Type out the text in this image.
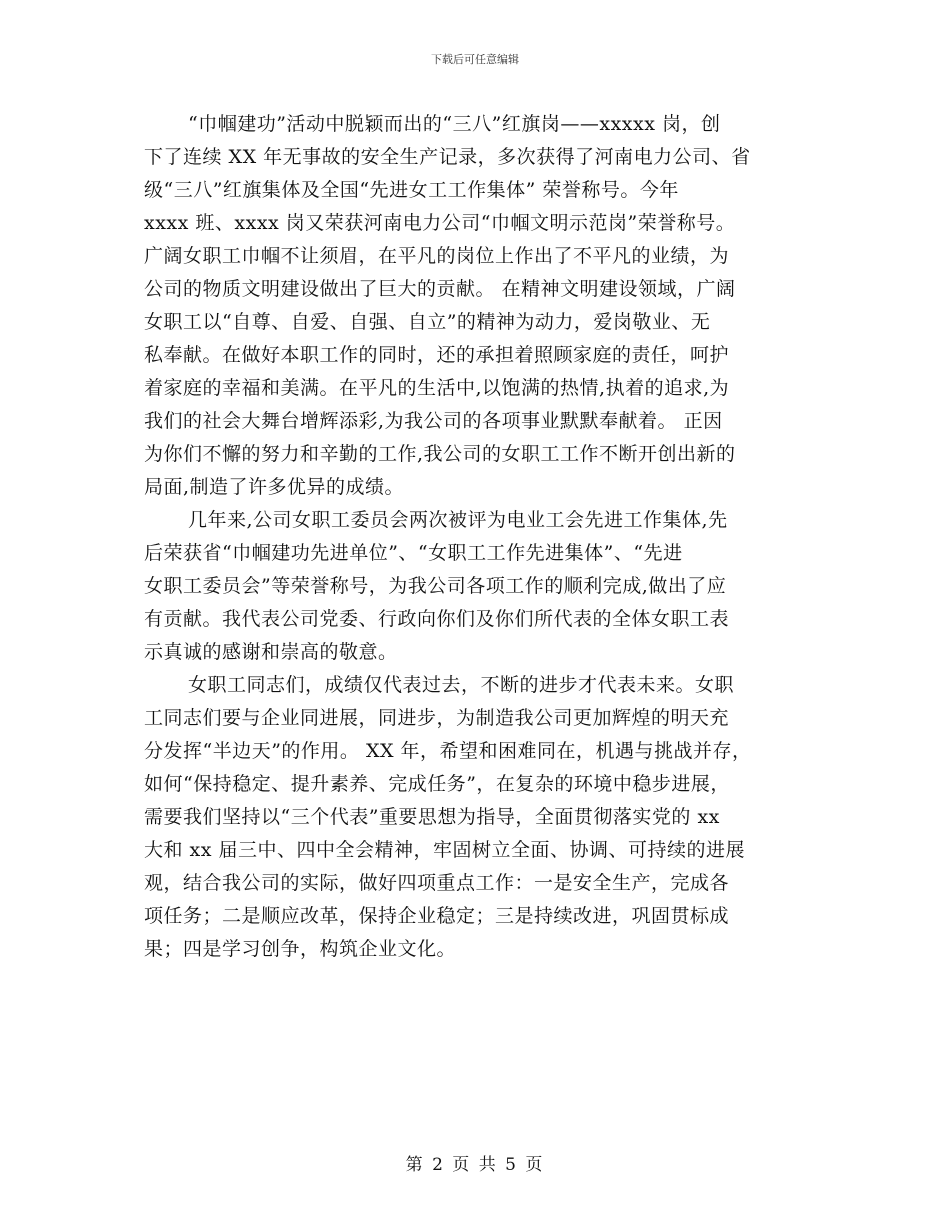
下载后可任意编辑
“巾帼建功”活动中脱颖而出的“三八”红旗岗——xxxxx 岗，创
下了连续 XX 年无事故的安全生产记录，多次获得了河南电力公司、省
级“三八”红旗集体及全国“先进女工工作集体” 荣誉称号。今年
xxxx 班、xxxx 岗又荣获河南电力公司“巾帼文明示范岗”荣誉称号。
广阔女职工巾帼不让须眉，在平凡的岗位上作出了不平凡的业绩，为
公司的物质文明建设做出了巨大的贡献。 在精神文明建设领域，广阔
女职工以“自尊、自爱、自强、自立”的精神为动力，爱岗敬业、无
私奉献。在做好本职工作的同时，还的承担着照顾家庭的责任，呵护
着家庭的幸福和美满。在平凡的生活中,以饱满的热情,执着的追求,为
我们的社会大舞台增辉添彩,为我公司的各项事业默默奉献着。 正因
为你们不懈的努力和辛勤的工作,我公司的女职工工作不断开创出新的
局面,制造了许多优异的成绩。
几年来,公司女职工委员会两次被评为电业工会先进工作集体,先
后荣获省“巾帼建功先进单位”、“女职工工作先进集体”、“先进
女职工委员会”等荣誉称号，为我公司各项工作的顺利完成,做出了应
有贡献。我代表公司党委、行政向你们及你们所代表的全体女职工表
示真诚的感谢和崇高的敬意。
女职工同志们，成绩仅代表过去，不断的进步才代表未来。女职
工同志们要与企业同进展，同进步，为制造我公司更加辉煌的明天充
分发挥“半边天”的作用。 XX 年，希望和困难同在，机遇与挑战并存，
如何“保持稳定、提升素养、完成任务”，在复杂的环境中稳步进展，
需要我们坚持以“三个代表”重要思想为指导，全面贯彻落实党的 xx
大和 xx 届三中、四中全会精神，牢固树立全面、协调、可持续的进展
观，结合我公司的实际，做好四项重点工作：一是安全生产，完成各
项任务；二是顺应改革，保持企业稳定；三是持续改进，巩固贯标成
果；四是学习创争，构筑企业文化。
第 2 页 共 5 页
